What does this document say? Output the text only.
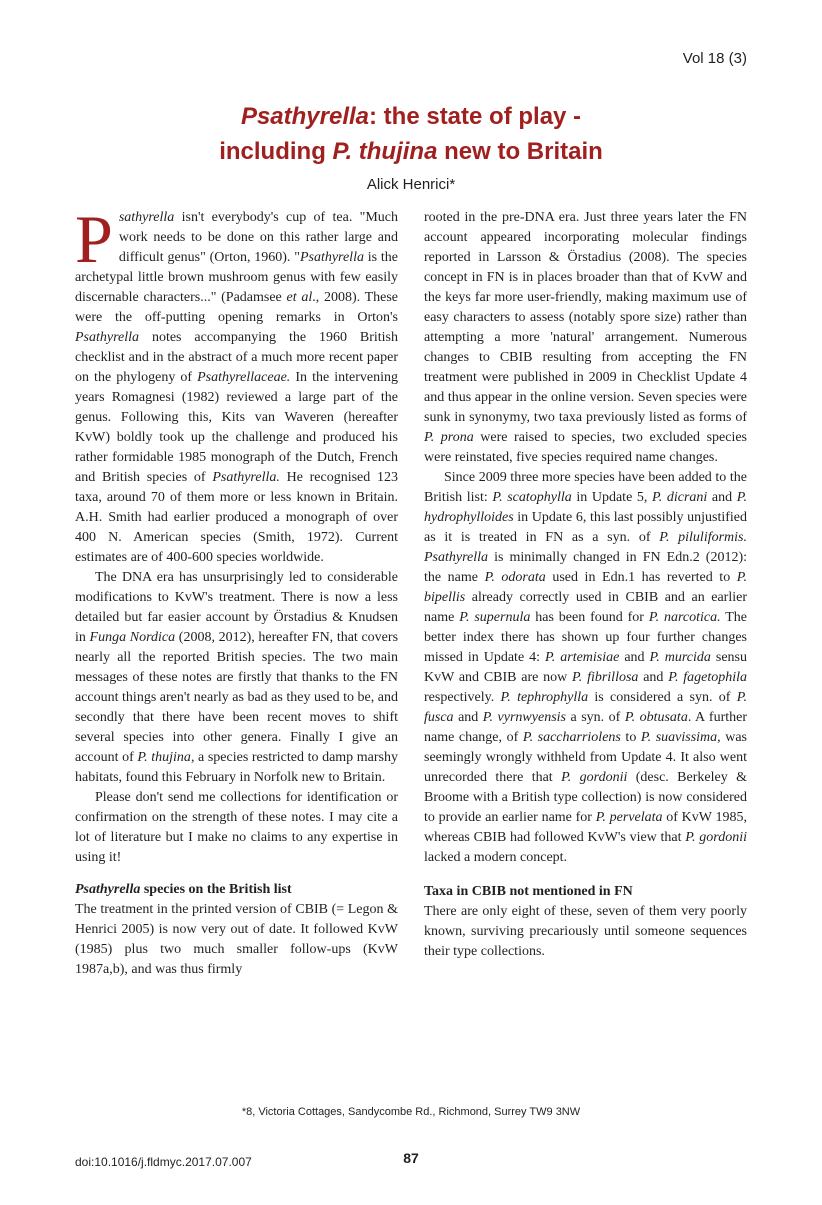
Vol 18 (3)
Psathyrella: the state of play -
including P. thujina new to Britain
Alick Henrici*

Psathyrella isn't everybody's cup of tea. "Much work needs to be done on this rather large and difficult genus" (Orton, 1960). "Psathyrella is the archetypal little brown mushroom genus with few easily discernable characters..." (Padamsee et al., 2008). These were the off-putting opening remarks in Orton's Psathyrella notes accompanying the 1960 British checklist and in the abstract of a much more recent paper on the phylogeny of Psathyrellaceae. In the intervening years Romagnesi (1982) reviewed a large part of the genus. Following this, Kits van Waveren (hereafter KvW) boldly took up the challenge and produced his rather formidable 1985 monograph of the Dutch, French and British species of Psathyrella. He recognised 123 taxa, around 70 of them more or less known in Britain. A.H. Smith had earlier produced a monograph of over 400 N. American species (Smith, 1972). Current estimates are of 400-600 species worldwide.

The DNA era has unsurprisingly led to considerable modifications to KvW's treatment. There is now a less detailed but far easier account by Örstadius & Knudsen in Funga Nordica (2008, 2012), hereafter FN, that covers nearly all the reported British species. The two main messages of these notes are firstly that thanks to the FN account things aren't nearly as bad as they used to be, and secondly that there have been recent moves to shift several species into other genera. Finally I give an account of P. thujina, a species restricted to damp marshy habitats, found this February in Norfolk new to Britain.

Please don't send me collections for identification or confirmation on the strength of these notes. I may cite a lot of literature but I make no claims to any expertise in using it!

Psathyrella species on the British list

The treatment in the printed version of CBIB (= Legon & Henrici 2005) is now very out of date. It followed KvW (1985) plus two much smaller follow-ups (KvW 1987a,b), and was thus firmly

rooted in the pre-DNA era. Just three years later the FN account appeared incorporating molecular findings reported in Larsson & Örstadius (2008). The species concept in FN is in places broader than that of KvW and the keys far more user-friendly, making maximum use of easy characters to assess (notably spore size) rather than attempting a more 'natural' arrangement. Numerous changes to CBIB resulting from accepting the FN treatment were published in 2009 in Checklist Update 4 and thus appear in the online version. Seven species were sunk in synonymy, two taxa previously listed as forms of P. prona were raised to species, two excluded species were reinstated, five species required name changes.

Since 2009 three more species have been added to the British list: P. scatophylla in Update 5, P. dicrani and P. hydrophylloides in Update 6, this last possibly unjustified as it is treated in FN as a syn. of P. piluliformis. Psathyrella is minimally changed in FN Edn.2 (2012): the name P. odorata used in Edn.1 has reverted to P. bipellis already correctly used in CBIB and an earlier name P. supernula has been found for P. narcotica. The better index there has shown up four further changes missed in Update 4: P. artemisiae and P. murcida sensu KvW and CBIB are now P. fibrillosa and P. fagetophila respectively. P. tephrophylla is considered a syn. of P. fusca and P. vyrnwyensis a syn. of P. obtusata. A further name change, of P. saccharriolens to P. suavissima, was seemingly wrongly withheld from Update 4. It also went unrecorded there that P. gordonii (desc. Berkeley & Broome with a British type collection) is now considered to provide an earlier name for P. pervelata of KvW 1985, whereas CBIB had followed KvW's view that P. gordonii lacked a modern concept.

Taxa in CBIB not mentioned in FN

There are only eight of these, seven of them very poorly known, surviving precariously until someone sequences their type collections.

*8, Victoria Cottages, Sandycombe Rd., Richmond, Surrey TW9 3NW
doi:10.1016/j.fldmyc.2017.07.007	87
